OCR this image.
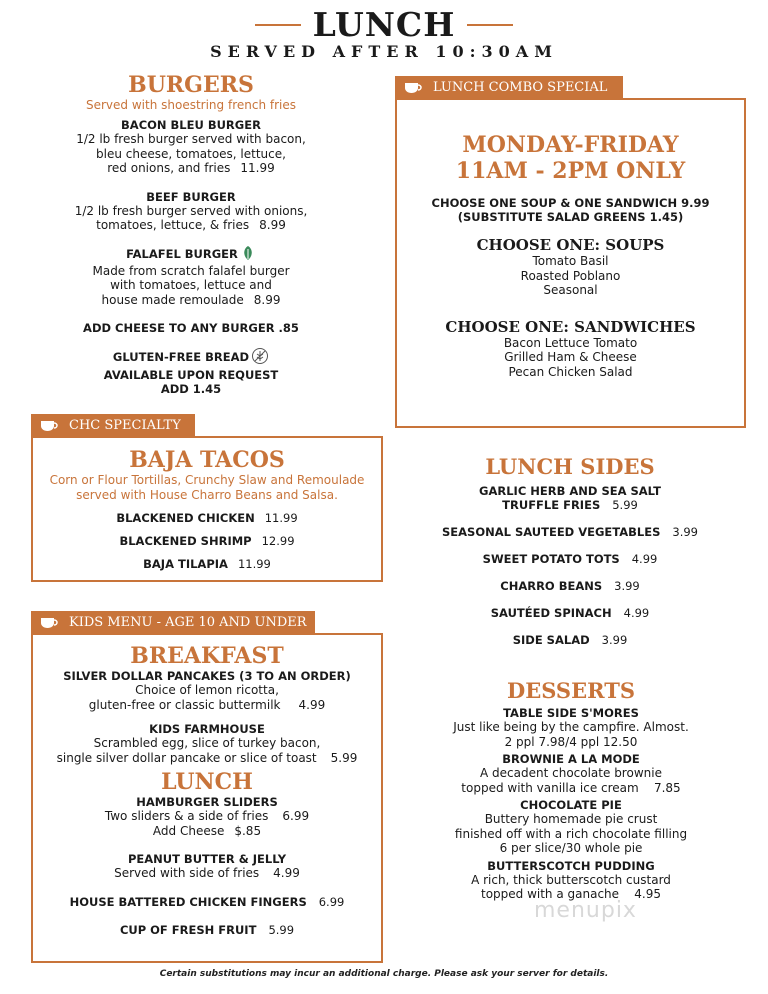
LUNCH
SERVED AFTER 10:30AM
BURGERS
Served with shoestring french fries
BACON BLEU BURGER
1/2 lb fresh burger served with bacon,
bleu cheese, tomatoes, lettuce,
red onions, and fries 11.99
BEEF BURGER
1/2 lb fresh burger served with onions,
tomatoes, lettuce, & fries 8.99
FALAFEL BURGER
Made from scratch falafel burger
with tomatoes, lettuce and
house made remoulade 8.99
ADD CHEESE TO ANY BURGER .85
GLUTEN-FREE BREAD
AVAILABLE UPON REQUEST
ADD 1.45
LUNCH COMBO SPECIAL
MONDAY-FRIDAY
11AM - 2PM ONLY
CHOOSE ONE SOUP & ONE SANDWICH 9.99
(SUBSTITUTE SALAD GREENS 1.45)
CHOOSE ONE: SOUPS
Tomato Basil
Roasted Poblano
Seasonal
CHOOSE ONE: SANDWICHES
Bacon Lettuce Tomato
Grilled Ham & Cheese
Pecan Chicken Salad
CHC SPECIALTY
BAJA TACOS
Corn or Flour Tortillas, Crunchy Slaw and Remoulade
served with House Charro Beans and Salsa.
BLACKENED CHICKEN 11.99
BLACKENED SHRIMP 12.99
BAJA TILAPIA 11.99
KIDS MENU - AGE 10 AND UNDER
BREAKFAST
SILVER DOLLAR PANCAKES (3 TO AN ORDER)
Choice of lemon ricotta,
gluten-free or classic buttermilk 4.99
KIDS FARMHOUSE
Scrambled egg, slice of turkey bacon,
single silver dollar pancake or slice of toast 5.99
LUNCH
HAMBURGER SLIDERS
Two sliders & a side of fries 6.99
Add Cheese $.85
PEANUT BUTTER & JELLY
Served with side of fries 4.99
HOUSE BATTERED CHICKEN FINGERS 6.99
CUP OF FRESH FRUIT 5.99
LUNCH SIDES
GARLIC HERB AND SEA SALT
TRUFFLE FRIES 5.99
SEASONAL SAUTEED VEGETABLES 3.99
SWEET POTATO TOTS 4.99
CHARRO BEANS 3.99
SAUTÉED SPINACH 4.99
SIDE SALAD 3.99
DESSERTS
TABLE SIDE S'MORES
Just like being by the campfire. Almost.
2 ppl 7.98/4 ppl 12.50
BROWNIE A LA MODE
A decadent chocolate brownie
topped with vanilla ice cream    7.85
CHOCOLATE PIE
Buttery homemade pie crust
finished off with a rich chocolate filling
6 per slice/30 whole pie
BUTTERSCOTCH PUDDING
A rich, thick butterscotch custard
topped with a ganache    4.95
menupix
Certain substitutions may incur an additional charge. Please ask your server for details.
